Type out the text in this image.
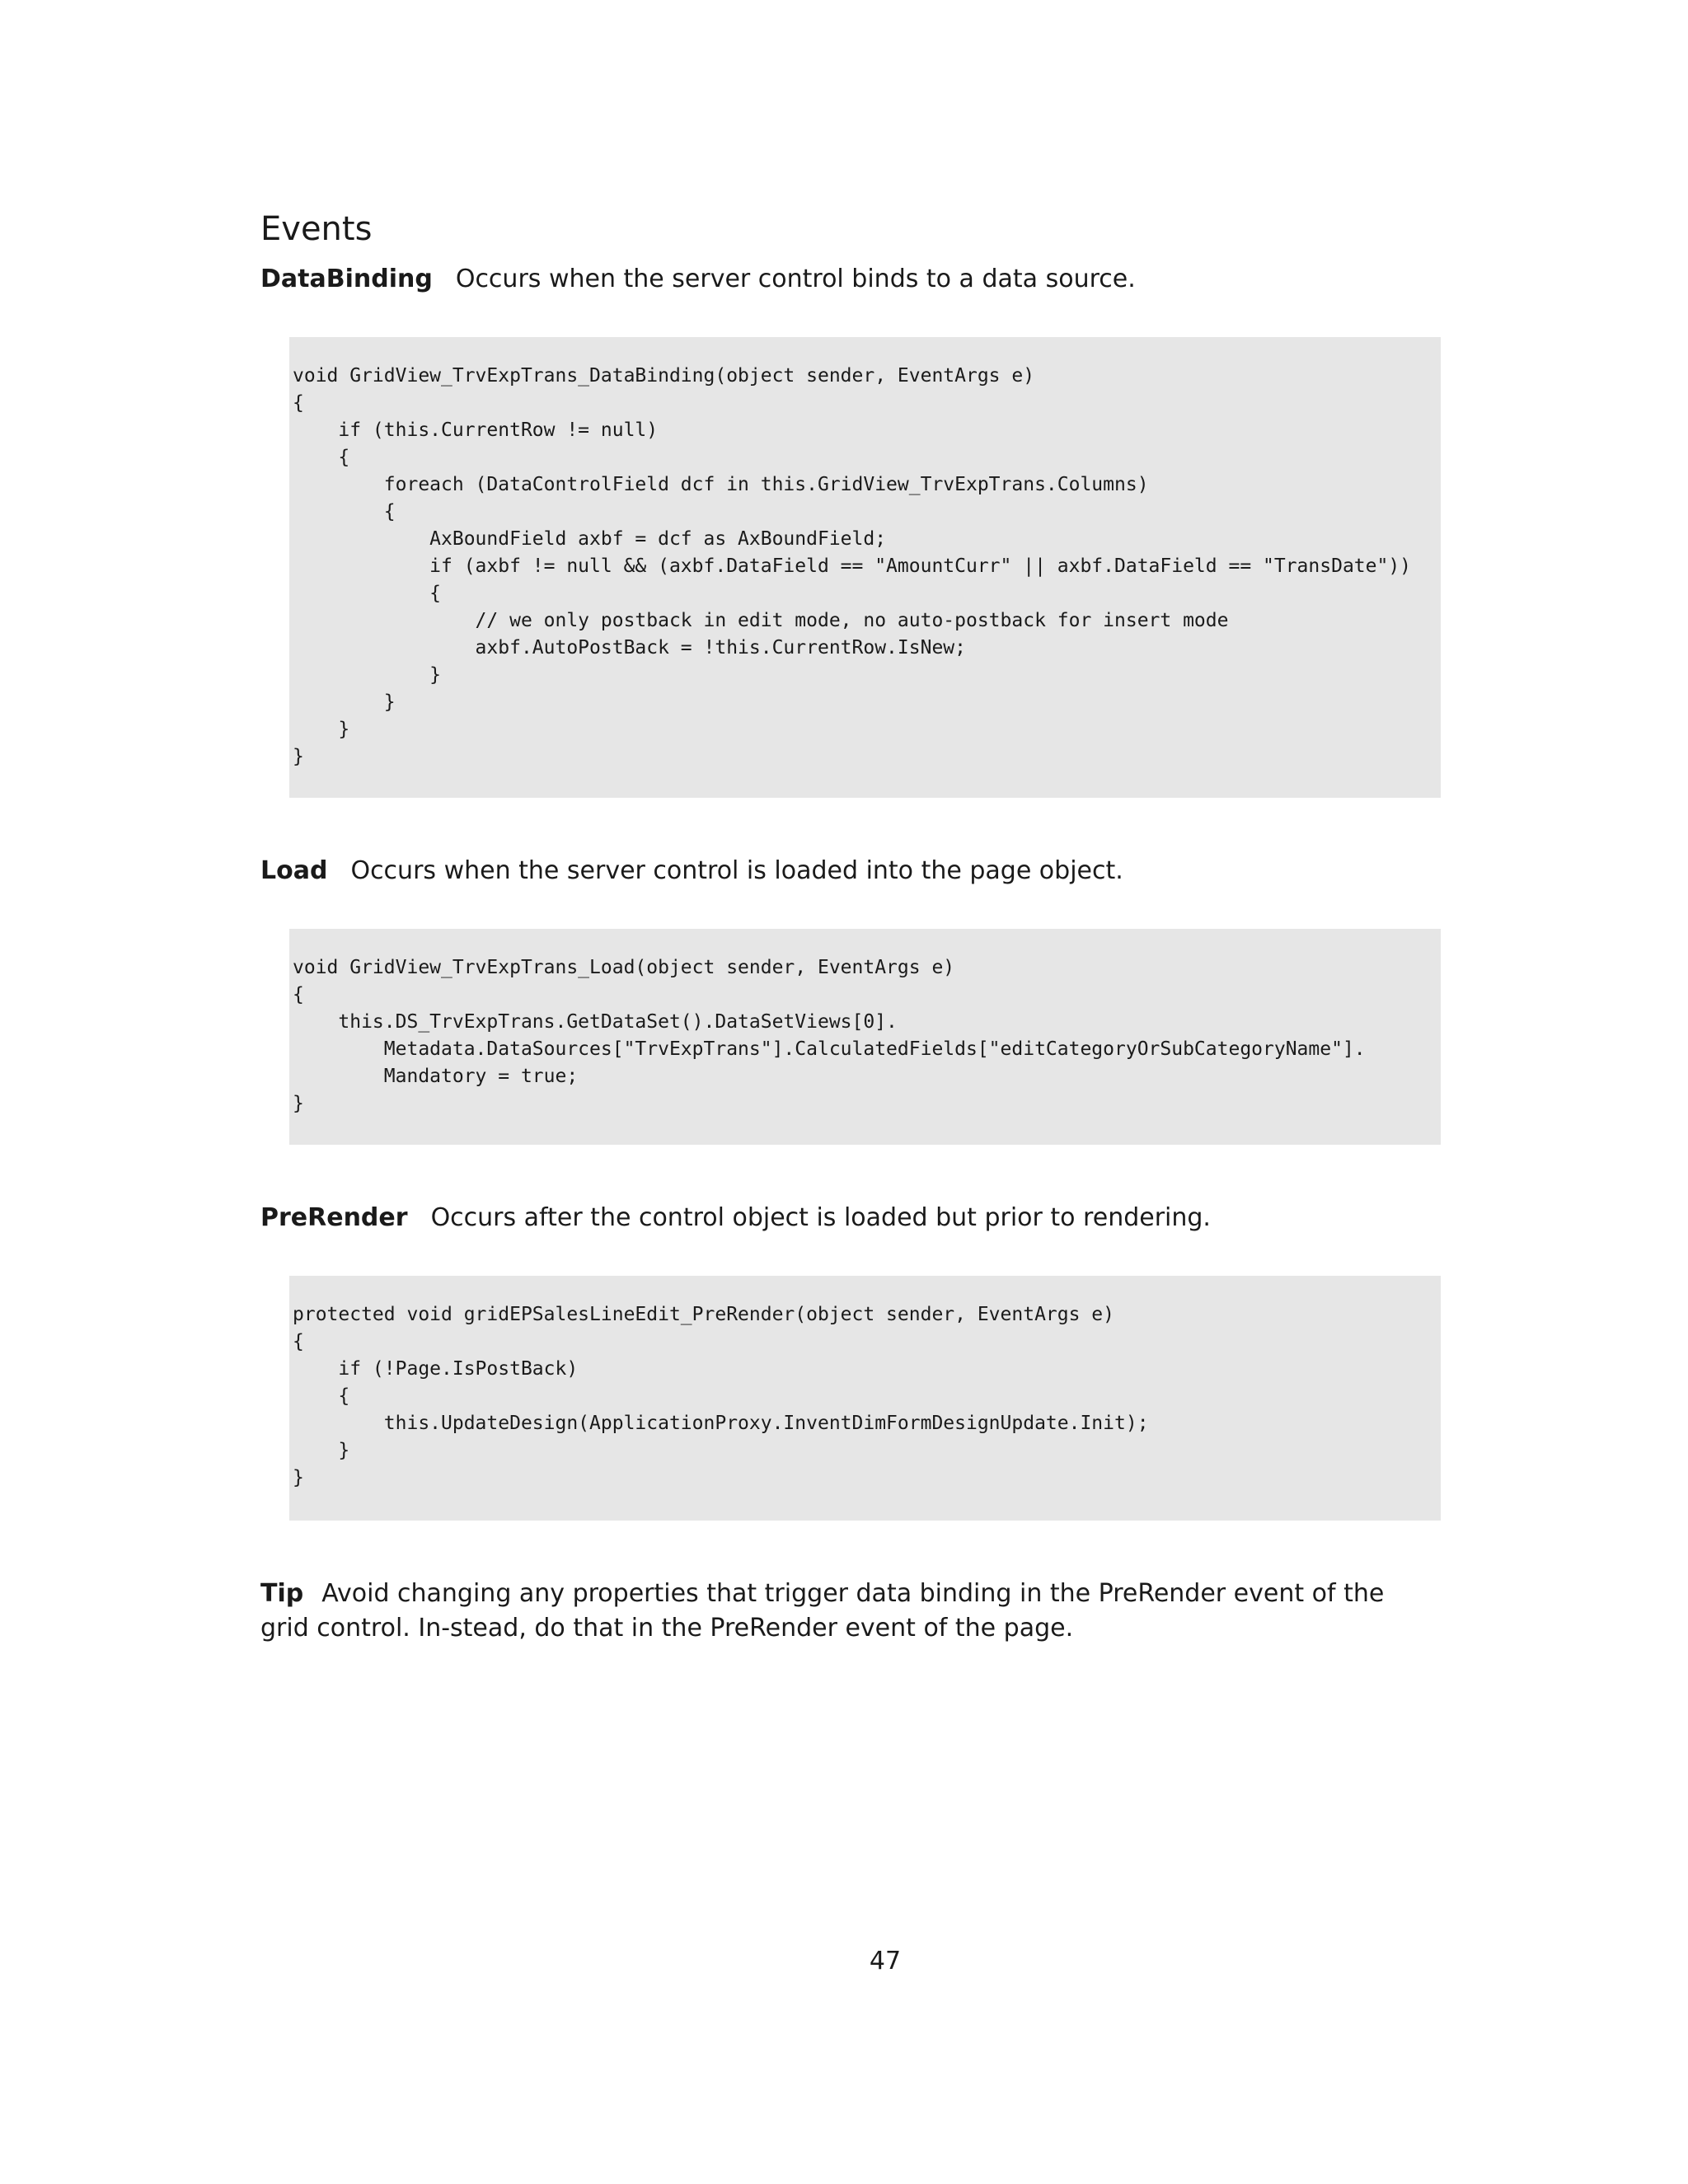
Events

DataBinding Occurs when the server control binds to a data source.

void GridView_TrvExpTrans_DataBinding(object sender, EventArgs e)
{
if (this.CurrentRow != null)
{
foreach (DataControlField dcf in this.GridView_TrvExpTrans.Columns)
{
AxBoundField axbf = dcf as AxBoundField;
if (axbf != null && (axbf.DataField == "AmountCurr" || axbf.DataField == "TransDate"))
{
// we only postback in edit mode, no auto-postback for insert mode
axbf.AutoPostBack = !this.CurrentRow.IsNew;
}
}
}
}

Load Occurs when the server control is loaded into the page object.

void GridView_TrvExpTrans_Load(object sender, EventArgs e)
{
this.DS_TrvExpTrans.GetDataSet().DataSetViews[0].
Metadata.DataSources["TrvExpTrans"].CalculatedFields["editCategoryOrSubCategoryName"].
Mandatory = true;
}

PreRender Occurs after the control object is loaded but prior to rendering.

protected void gridEPSalesLineEdit_PreRender(object sender, EventArgs e)
{
if (!Page.IsPostBack)
{
this.UpdateDesign(ApplicationProxy.InventDimFormDesignUpdate.Init);
}
}

Tip Avoid changing any properties that trigger data binding in the PreRender event of the grid control. In-stead, do that in the PreRender event of the page.

47
